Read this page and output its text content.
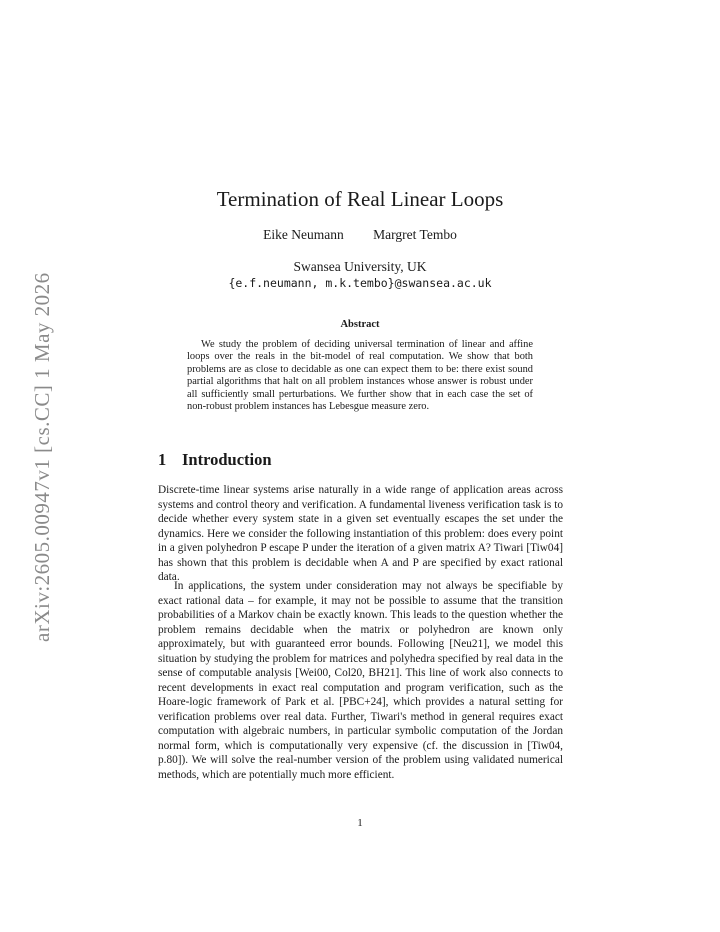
arXiv:2605.00947v1 [cs.CC] 1 May 2026
Termination of Real Linear Loops
Eike Neumann Margret Tembo
Swansea University, UK
{e.f.neumann, m.k.tembo}@swansea.ac.uk
Abstract

We study the problem of deciding universal termination of linear and affine loops over the reals in the bit-model of real computation. We show that both problems are as close to decidable as one can expect them to be: there exist sound partial algorithms that halt on all problem instances whose answer is robust under all sufficiently small perturbations. We further show that in each case the set of non-robust problem instances has Lebesgue measure zero.

1 Introduction

Discrete-time linear systems arise naturally in a wide range of application areas across systems and control theory and verification. A fundamental liveness verification task is to decide whether every system state in a given set eventually escapes the set under the dynamics. Here we consider the following instantiation of this problem: does every point in a given polyhedron P escape P under the iteration of a given matrix A? Tiwari [Tiw04] has shown that this problem is decidable when A and P are specified by exact rational data.

In applications, the system under consideration may not always be specifiable by exact rational data – for example, it may not be possible to assume that the transition probabilities of a Markov chain be exactly known. This leads to the question whether the problem remains decidable when the matrix or polyhedron are known only approximately, but with guaranteed error bounds. Following [Neu21], we model this situation by studying the problem for matrices and polyhedra specified by real data in the sense of computable analysis [Wei00, Col20, BH21]. This line of work also connects to recent developments in exact real computation and program verification, such as the Hoare-logic framework of Park et al. [PBC+24], which provides a natural setting for verification problems over real data. Further, Tiwari's method in general requires exact computation with algebraic numbers, in particular symbolic computation of the Jordan normal form, which is computationally very expensive (cf. the discussion in [Tiw04, p.80]). We will solve the real-number version of the problem using validated numerical methods, which are potentially much more efficient.

1
